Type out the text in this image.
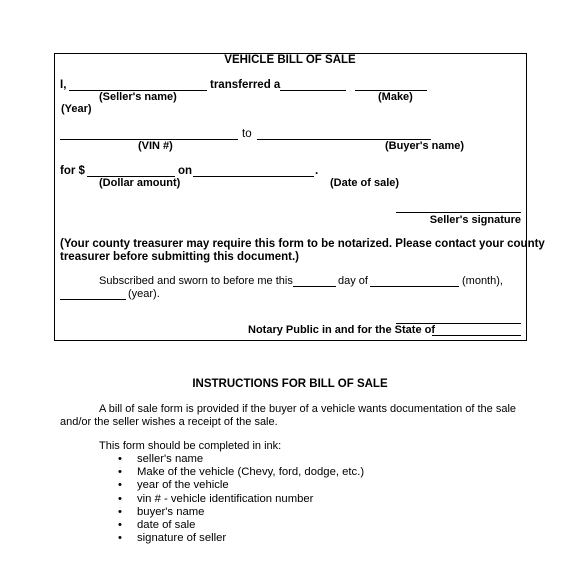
VEHICLE BILL OF SALE
I,	transferred a
(Seller's name)	(Make)
(Year)
to
(VIN #)	(Buyer's name)
for $	on	.
(Dollar amount)	(Date of sale)
Seller's signature
(Your county treasurer may require this form to be notarized. Please contact your county
treasurer before submitting this document.)
Subscribed and sworn to before me this	day of	(month),
(year).
Notary Public in and for the State of
INSTRUCTIONS FOR BILL OF SALE
A bill of sale form is provided if the buyer of a vehicle wants documentation of the sale
and/or the seller wishes a receipt of the sale.
This form should be completed in ink:
• seller's name
• Make of the vehicle (Chevy, ford, dodge, etc.)
• year of the vehicle
• vin # - vehicle identification number
• buyer's name
• date of sale
• signature of seller
